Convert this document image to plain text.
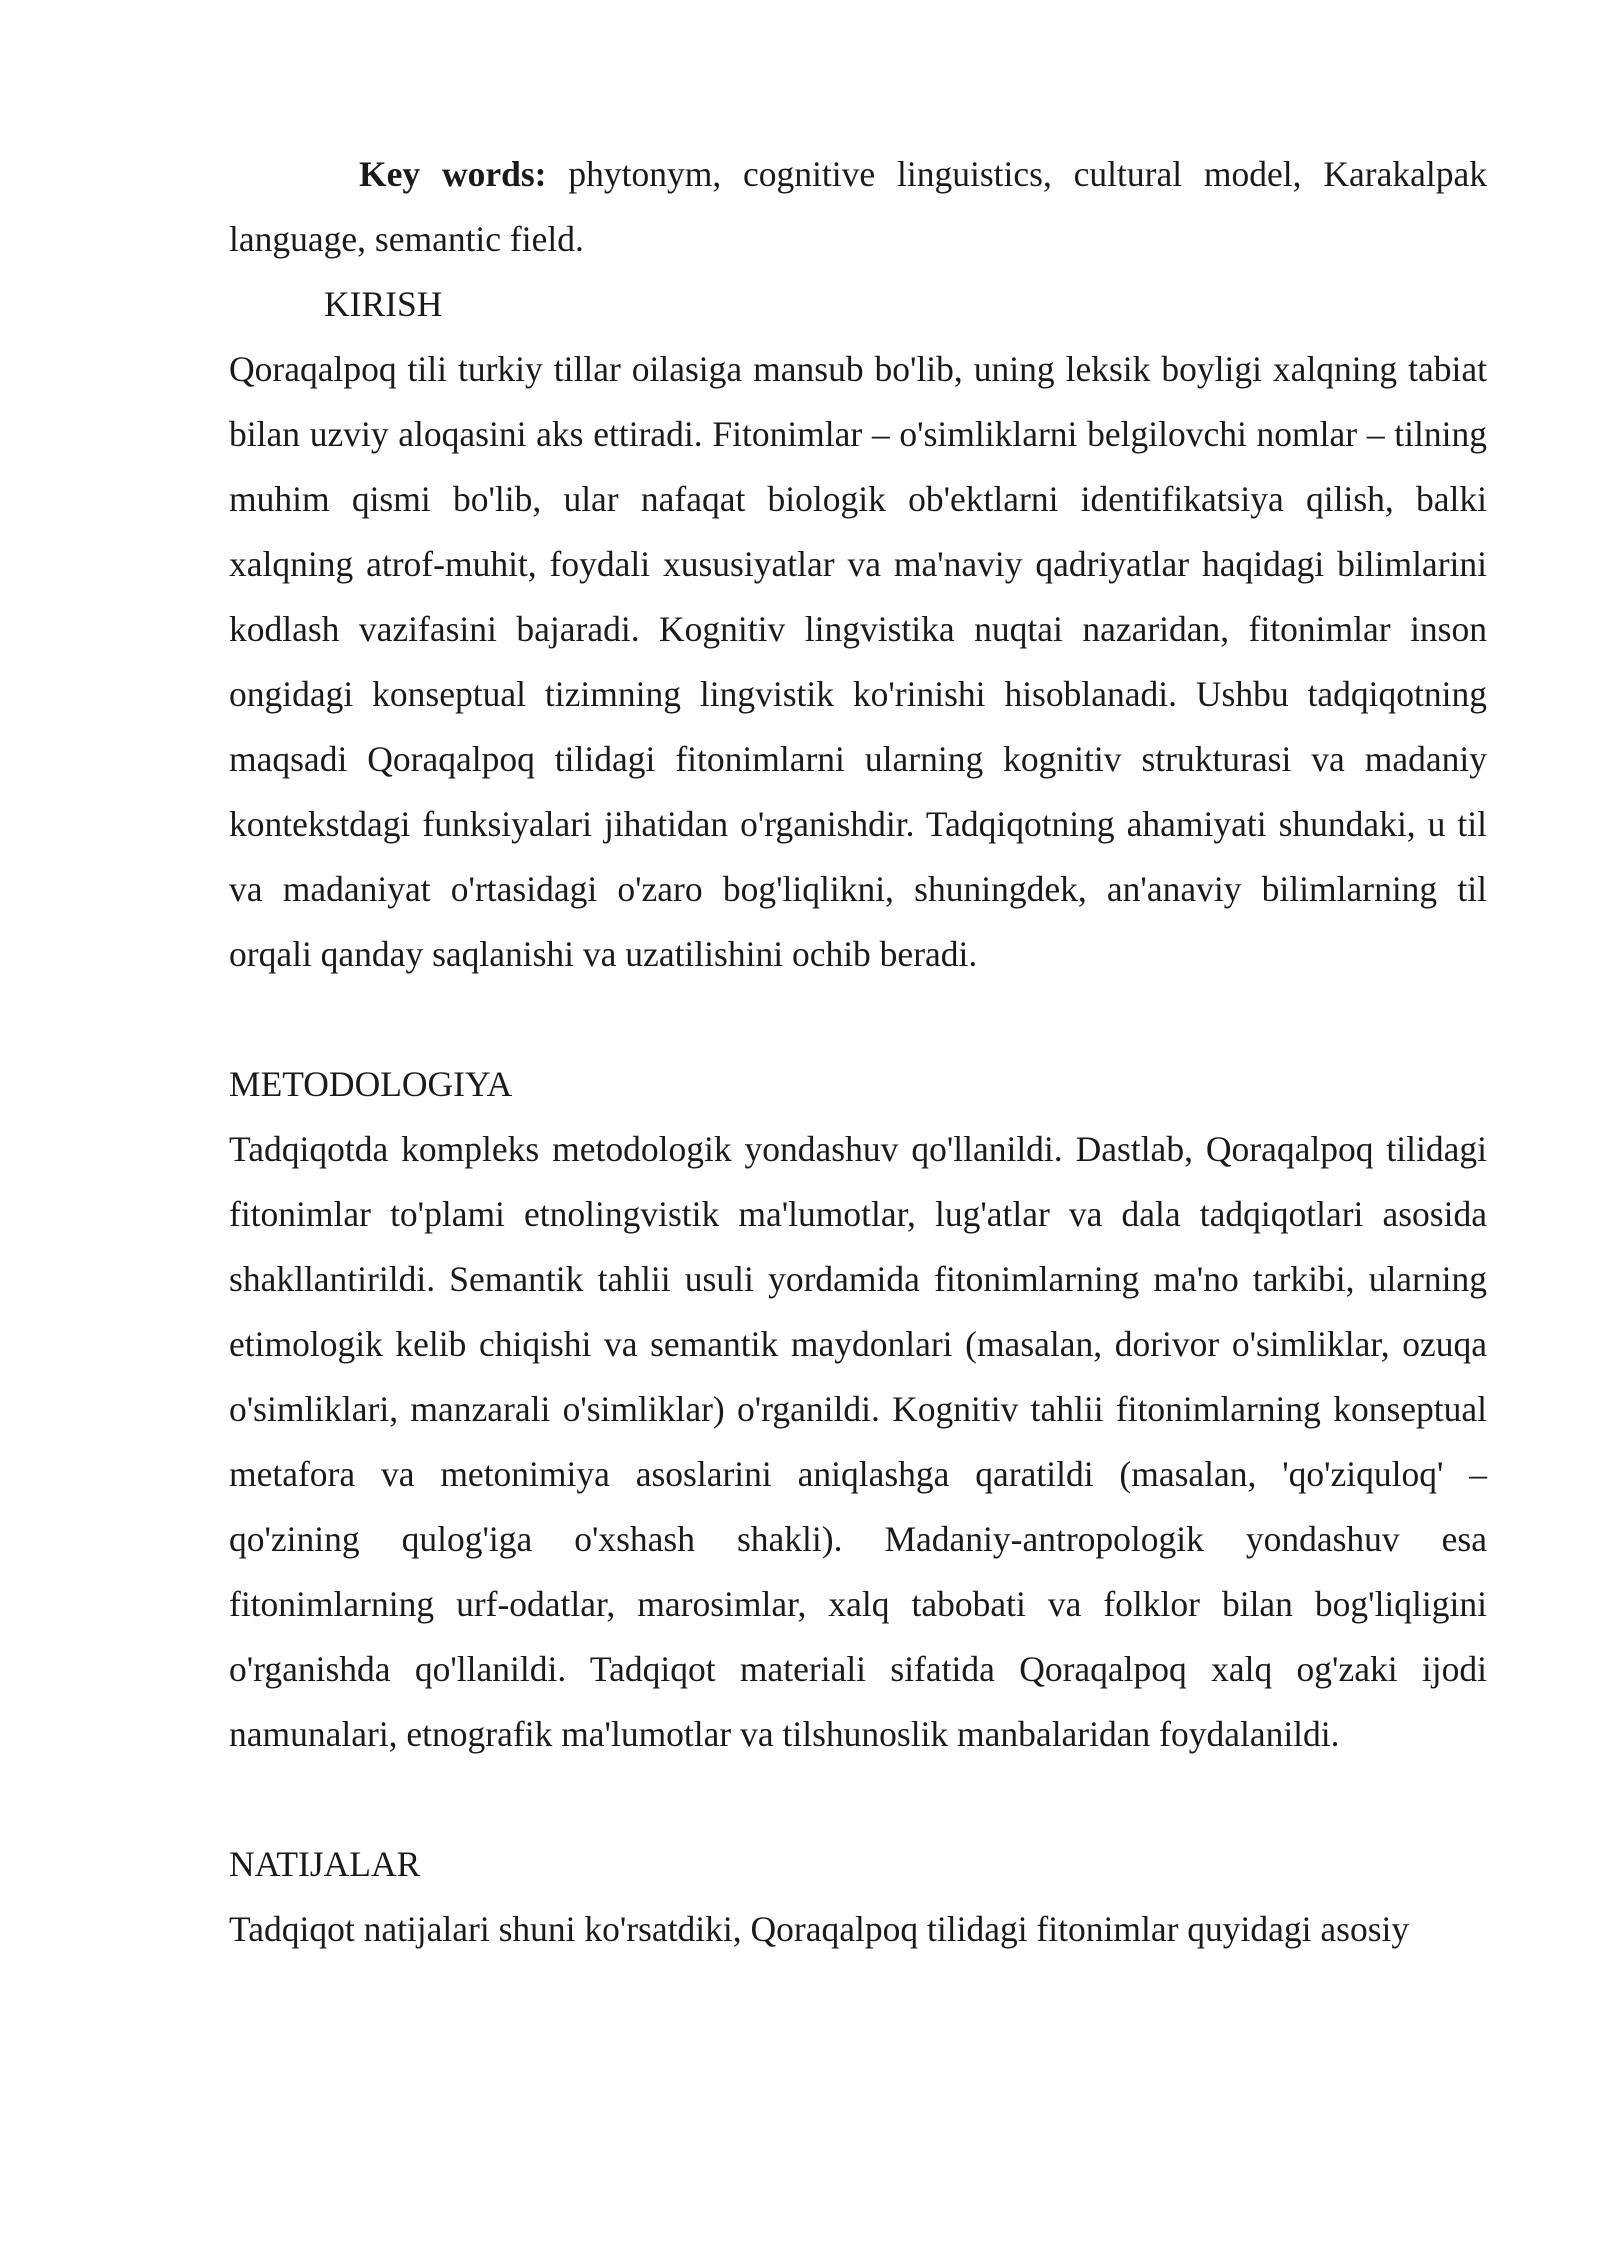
Key words: phytonym, cognitive linguistics, cultural model, Karakalpak language, semantic field.

KIRISH

Qoraqalpoq tili turkiy tillar oilasiga mansub bo'lib, uning leksik boyligi xalqning tabiat bilan uzviy aloqasini aks ettiradi. Fitonimlar – o'simliklarni belgilovchi nomlar – tilning muhim qismi bo'lib, ular nafaqat biologik ob'ektlarni identifikatsiya qilish, balki xalqning atrof-muhit, foydali xususiyatlar va ma'naviy qadriyatlar haqidagi bilimlarini kodlash vazifasini bajaradi. Kognitiv lingvistika nuqtai nazaridan, fitonimlar inson ongidagi konseptual tizimning lingvistik ko'rinishi hisoblanadi. Ushbu tadqiqotning maqsadi Qoraqalpoq tilidagi fitonimlarni ularning kognitiv strukturasi va madaniy kontekstdagi funksiyalari jihatidan o'rganishdir. Tadqiqotning ahamiyati shundaki, u til va madaniyat o'rtasidagi o'zaro bog'liqlikni, shuningdek, an'anaviy bilimlarning til orqali qanday saqlanishi va uzatilishini ochib beradi.

METODOLOGIYA

Tadqiqotda kompleks metodologik yondashuv qo'llanildi. Dastlab, Qoraqalpoq tilidagi fitonimlar to'plami etnolingvistik ma'lumotlar, lug'atlar va dala tadqiqotlari asosida shakllantirildi. Semantik tahlii usuli yordamida fitonimlarning ma'no tarkibi, ularning etimologik kelib chiqishi va semantik maydonlari (masalan, dorivor o'simliklar, ozuqa o'simliklari, manzarali o'simliklar) o'rganildi. Kognitiv tahlii fitonimlarning konseptual metafora va metonimiya asoslarini aniqlashga qaratildi (masalan, 'qo'ziquloq' – qo'zining qulog'iga o'xshash shakli). Madaniy-antropologik yondashuv esa fitonimlarning urf-odatlar, marosimlar, xalq tabobati va folklor bilan bog'liqligini o'rganishda qo'llanildi. Tadqiqot materiali sifatida Qoraqalpoq xalq og'zaki ijodi namunalari, etnografik ma'lumotlar va tilshunoslik manbalaridan foydalanildi.

NATIJALAR

Tadqiqot natijalari shuni ko'rsatdiki, Qoraqalpoq tilidagi fitonimlar quyidagi asosiy
